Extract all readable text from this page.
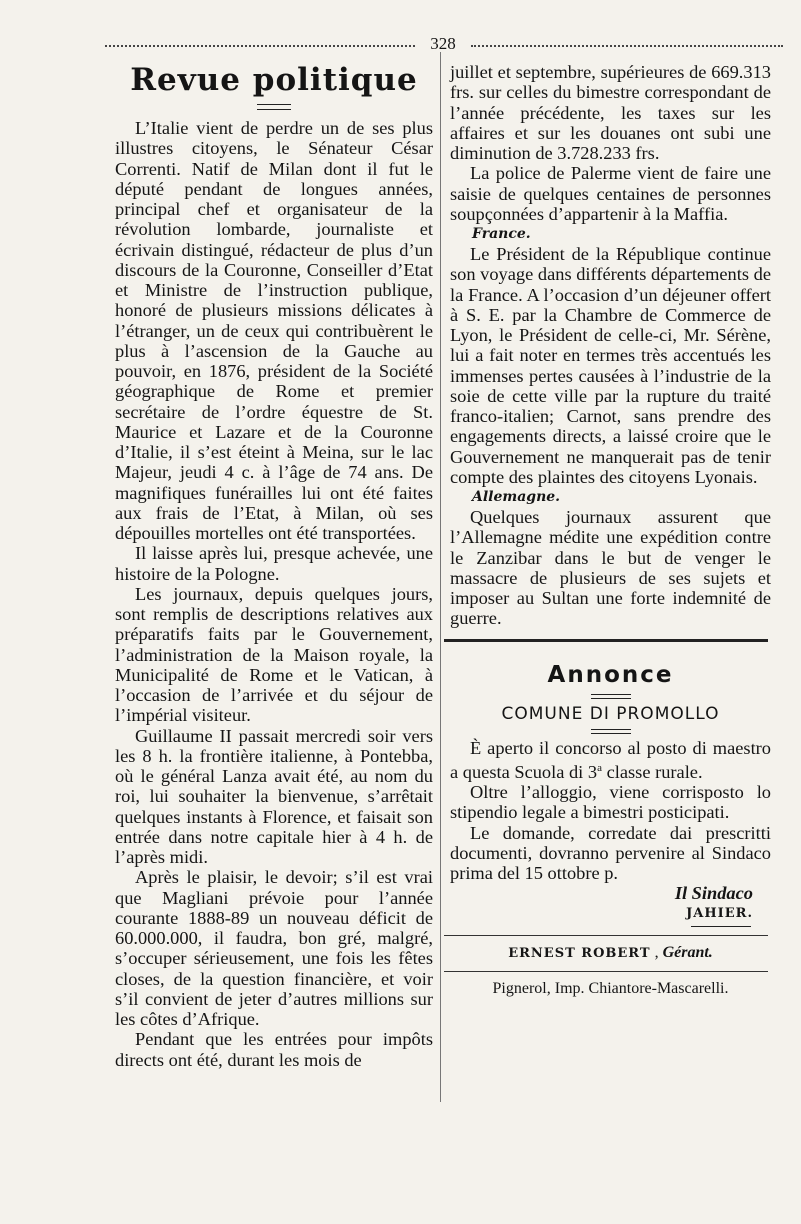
328
Revue politique

L’Italie vient de perdre un de ses plus illustres citoyens, le Sénateur César Correnti. Natif de Milan dont il fut le député pendant de longues années, principal chef et organisateur de la révolution lombarde, journaliste et écrivain distingué, rédacteur de plus d’un discours de la Couronne, Conseiller d’Etat et Ministre de l’instruction publique, honoré de plusieurs missions délicates à l’étranger, un de ceux qui contribuèrent le plus à l’ascension de la Gauche au pouvoir, en 1876, président de la Société géographique de Rome et premier secrétaire de l’ordre équestre de St. Maurice et Lazare et de la Couronne d’Italie, il s’est éteint à Meina, sur le lac Majeur, jeudi 4 c. à l’âge de 74 ans. De magnifiques funérailles lui ont été faites aux frais de l’Etat, à Milan, où ses dépouilles mortelles ont été transportées.

Il laisse après lui, presque achevée, une histoire de la Pologne.

Les journaux, depuis quelques jours, sont remplis de descriptions relatives aux préparatifs faits par le Gouvernement, l’administration de la Maison royale, la Municipalité de Rome et le Vatican, à l’occasion de l’arrivée et du séjour de l’impérial visiteur.

Guillaume II passait mercredi soir vers les 8 h. la frontière italienne, à Pontebba, où le général Lanza avait été, au nom du roi, lui souhaiter la bienvenue, s’arrêtait quelques instants à Florence, et faisait son entrée dans notre capitale hier à 4 h. de l’après midi.

Après le plaisir, le devoir; s’il est vrai que Magliani prévoie pour l’année courante 1888-89 un nouveau déficit de 60.000.000, il faudra, bon gré, malgré, s’occuper sérieusement, une fois les fêtes closes, de la question financière, et voir s’il convient de jeter d’autres millions sur les côtes d’Afrique.

Pendant que les entrées pour impôts directs ont été, durant les mois de

juillet et septembre, supérieures de 669.313 frs. sur celles du bimestre correspondant de l’année précédente, les taxes sur les affaires et sur les douanes ont subi une diminution de 3.728.233 frs.

La police de Palerme vient de faire une saisie de quelques centaines de personnes soupçonnées d’appartenir à la Maffia.

France.

Le Président de la République continue son voyage dans différents départements de la France. A l’occasion d’un déjeuner offert à S. E. par la Chambre de Commerce de Lyon, le Président de celle-ci, Mr. Sérène, lui a fait noter en termes très accentués les immenses pertes causées à l’industrie de la soie de cette ville par la rupture du traité franco-italien; Carnot, sans prendre des engagements directs, a laissé croire que le Gouvernement ne manquerait pas de tenir compte des plaintes des citoyens Lyonais.

Allemagne.

Quelques journaux assurent que l’Allemagne médite une expédition contre le Zanzibar dans le but de venger le massacre de plusieurs de ses sujets et imposer au Sultan une forte indemnité de guerre.

Annonce
COMUNE DI PROMOLLO

È aperto il concorso al posto di maestro a questa Scuola di 3$^a$ classe rurale.

Oltre l’alloggio, viene corrisposto lo stipendio legale a bimestri posticipati.

Le domande, corredate dai prescritti documenti, dovranno pervenire al Sindaco prima del 15 ottobre p.

Il Sindaco
JAHIER.
ERNEST ROBERT , Gérant.
Pignerol, Imp. Chiantore-Mascarelli.
